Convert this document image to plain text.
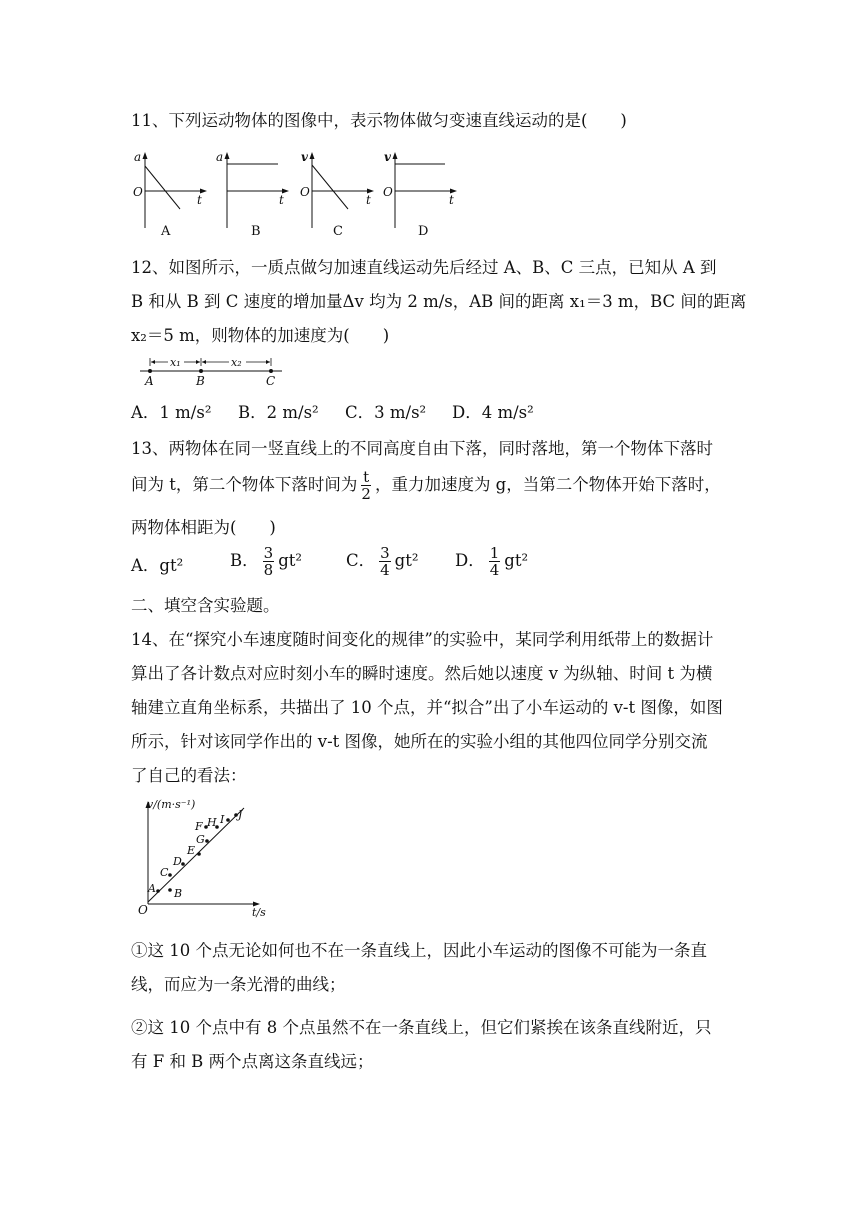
11、下列运动物体的图像中，表示物体做匀变速直线运动的是(　　)
a
O
t
A
a
t
B
v
O
t
C
v
O
t
D
12、如图所示，一质点做匀加速直线运动先后经过 A、B、C 三点，已知从 A 到
B 和从 B 到 C 速度的增加量Δv 均为 2 m/s，AB 间的距离 x₁＝3 m，BC 间的距离
x₂＝5 m，则物体的加速度为(　　)
x₁	x₂
A	B	C
A．1 m/s² B．2 m/s² C．3 m/s² D．4 m/s²
13、两物体在同一竖直线上的不同高度自由下落，同时落地，第一个物体下落时
间为 t，第二个物体下落时间为 $\frac{t}{2}$ ，重力加速度为 g，当第二个物体开始下落时，
两物体相距为(　　)
A．gt²	B． $\frac{3}{8} gt^2$	C． $\frac{3}{4} gt^2$ D． $\frac{1}{4} gt^2$
二、填空含实验题。
14、在“探究小车速度随时间变化的规律”的实验中，某同学利用纸带上的数据计
算出了各计数点对应时刻小车的瞬时速度。然后她以速度 v 为纵轴、时间 t 为横
轴建立直角坐标系，共描出了 10 个点，并“拟合”出了小车运动的 v-t 图像，如图
所示，针对该同学作出的 v-t 图像，她所在的实验小组的其他四位同学分别交流
了自己的看法：
v/(m·s⁻¹)
O	t/s
A B
C
D
E
F
G
H I J
①这 10 个点无论如何也不在一条直线上，因此小车运动的图像不可能为一条直
线，而应为一条光滑的曲线；
②这 10 个点中有 8 个点虽然不在一条直线上，但它们紧挨在该条直线附近，只
有 F 和 B 两个点离这条直线远；
